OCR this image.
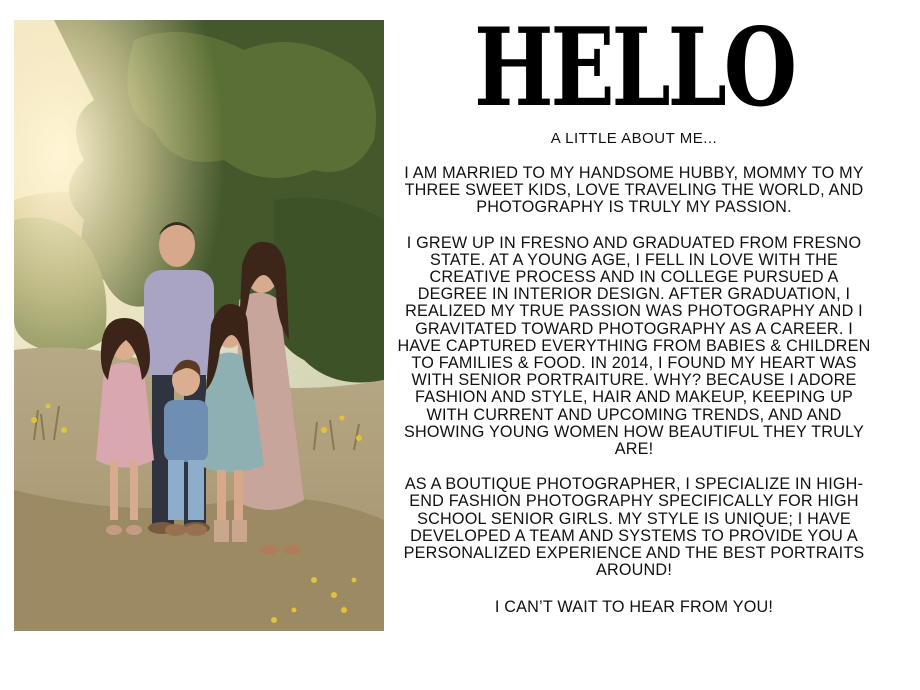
HELLO

A LITTLE ABOUT ME...

I AM MARRIED TO MY HANDSOME HUBBY, MOMMY TO MY THREE SWEET KIDS, LOVE TRAVELING THE WORLD, AND PHOTOGRAPHY IS TRULY MY PASSION.

I GREW UP IN FRESNO AND GRADUATED FROM FRESNO STATE. AT A YOUNG AGE, I FELL IN LOVE WITH THE CREATIVE PROCESS AND IN COLLEGE PURSUED A DEGREE IN INTERIOR DESIGN. AFTER GRADUATION, I REALIZED MY TRUE PASSION WAS PHOTOGRAPHY AND I GRAVITATED TOWARD PHOTOGRAPHY AS A CAREER. I HAVE CAPTURED EVERYTHING FROM BABIES & CHILDREN TO FAMILIES & FOOD. IN 2014, I FOUND MY HEART WAS WITH SENIOR PORTRAITURE. WHY? BECAUSE I ADORE FASHION AND STYLE, HAIR AND MAKEUP, KEEPING UP WITH CURRENT AND UPCOMING TRENDS, AND AND SHOWING YOUNG WOMEN HOW BEAUTIFUL THEY TRULY ARE!

AS A BOUTIQUE PHOTOGRAPHER, I SPECIALIZE IN HIGH-END FASHION PHOTOGRAPHY SPECIFICALLY FOR HIGH SCHOOL SENIOR GIRLS. MY STYLE IS UNIQUE; I HAVE DEVELOPED A TEAM AND SYSTEMS TO PROVIDE YOU A PERSONALIZED EXPERIENCE AND THE BEST PORTRAITS AROUND!

I CAN’T WAIT TO HEAR FROM YOU!
